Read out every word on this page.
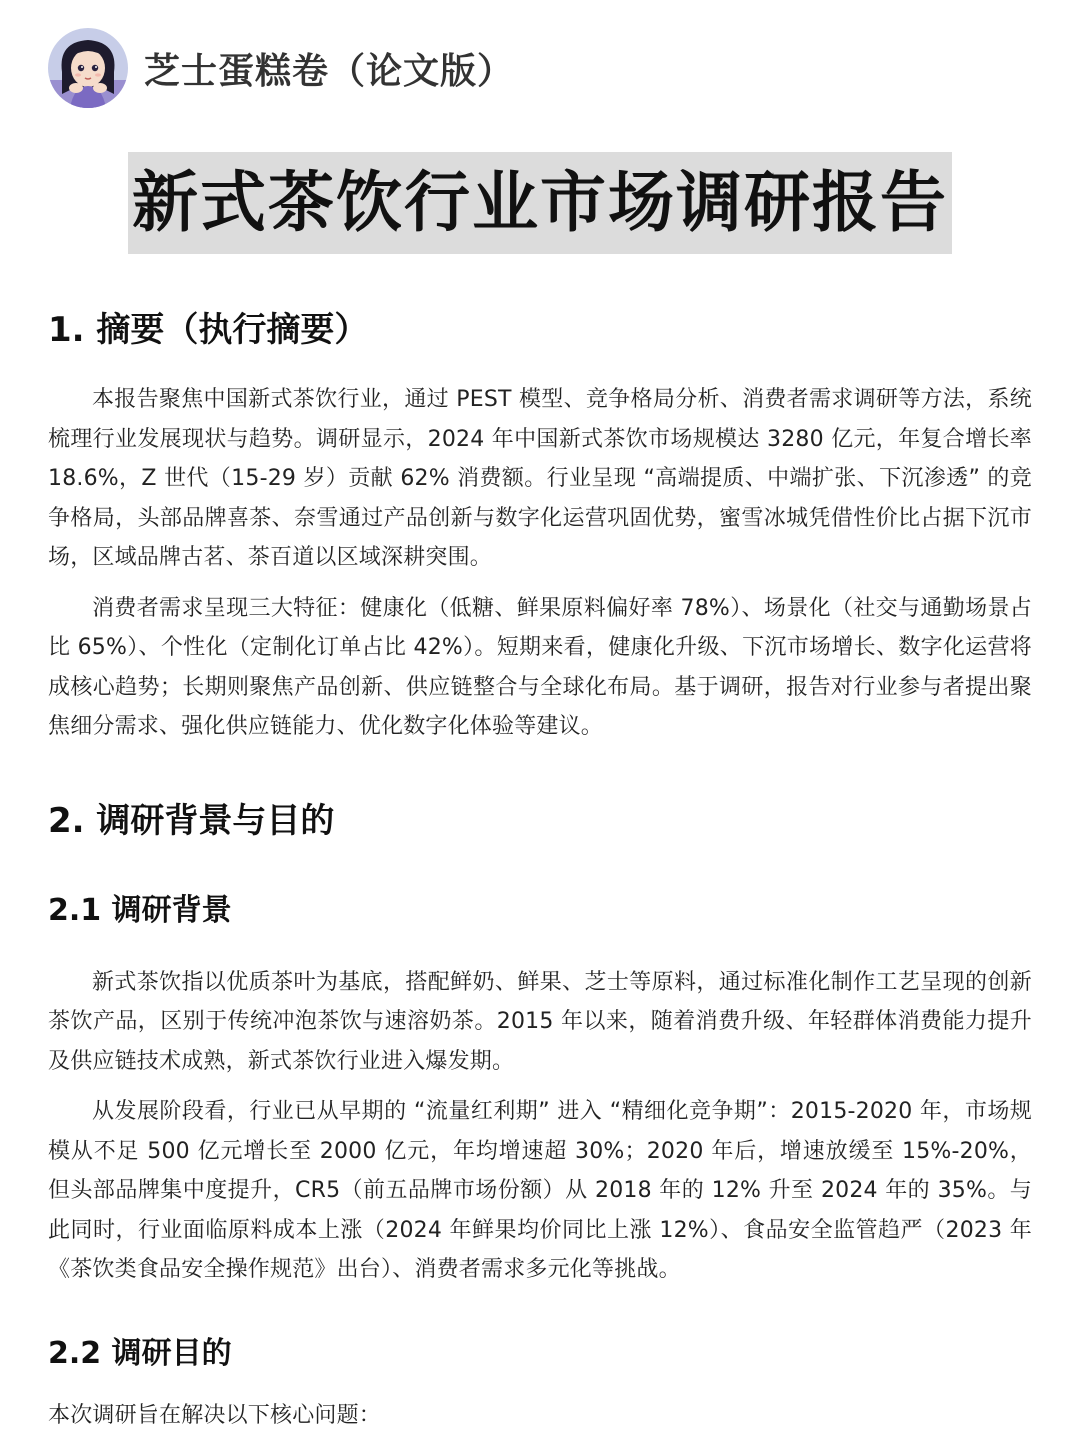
芝士蛋糕卷（论文版）
新式茶饮行业市场调研报告
1. 摘要（执行摘要）

本报告聚焦中国新式茶饮行业，通过 PEST 模型、竞争格局分析、消费者需求调研等方法，系统梳理行业发展现状与趋势。调研显示，2024 年中国新式茶饮市场规模达 3280 亿元，年复合增长率 18.6%，Z 世代（15-29 岁）贡献 62% 消费额。行业呈现 “高端提质、中端扩张、下沉渗透” 的竞争格局，头部品牌喜茶、奈雪通过产品创新与数字化运营巩固优势，蜜雪冰城凭借性价比占据下沉市场，区域品牌古茗、茶百道以区域深耕突围。

消费者需求呈现三大特征：健康化（低糖、鲜果原料偏好率 78%）、场景化（社交与通勤场景占比 65%）、个性化（定制化订单占比 42%）。短期来看，健康化升级、下沉市场增长、数字化运营将成核心趋势；长期则聚焦产品创新、供应链整合与全球化布局。基于调研，报告对行业参与者提出聚焦细分需求、强化供应链能力、优化数字化体验等建议。

2. 调研背景与目的
2.1 调研背景

新式茶饮指以优质茶叶为基底，搭配鲜奶、鲜果、芝士等原料，通过标准化制作工艺呈现的创新茶饮产品，区别于传统冲泡茶饮与速溶奶茶。2015 年以来，随着消费升级、年轻群体消费能力提升及供应链技术成熟，新式茶饮行业进入爆发期。

从发展阶段看，行业已从早期的 “流量红利期” 进入 “精细化竞争期”：2015-2020 年，市场规模从不足 500 亿元增长至 2000 亿元，年均增速超 30%；2020 年后，增速放缓至 15%-20%，但头部品牌集中度提升，CR5（前五品牌市场份额）从 2018 年的 12% 升至 2024 年的 35%。与此同时，行业面临原料成本上涨（2024 年鲜果均价同比上涨 12%）、食品安全监管趋严（2023 年《茶饮类食品安全操作规范》出台）、消费者需求多元化等挑战。

2.2 调研目的

本次调研旨在解决以下核心问题：
